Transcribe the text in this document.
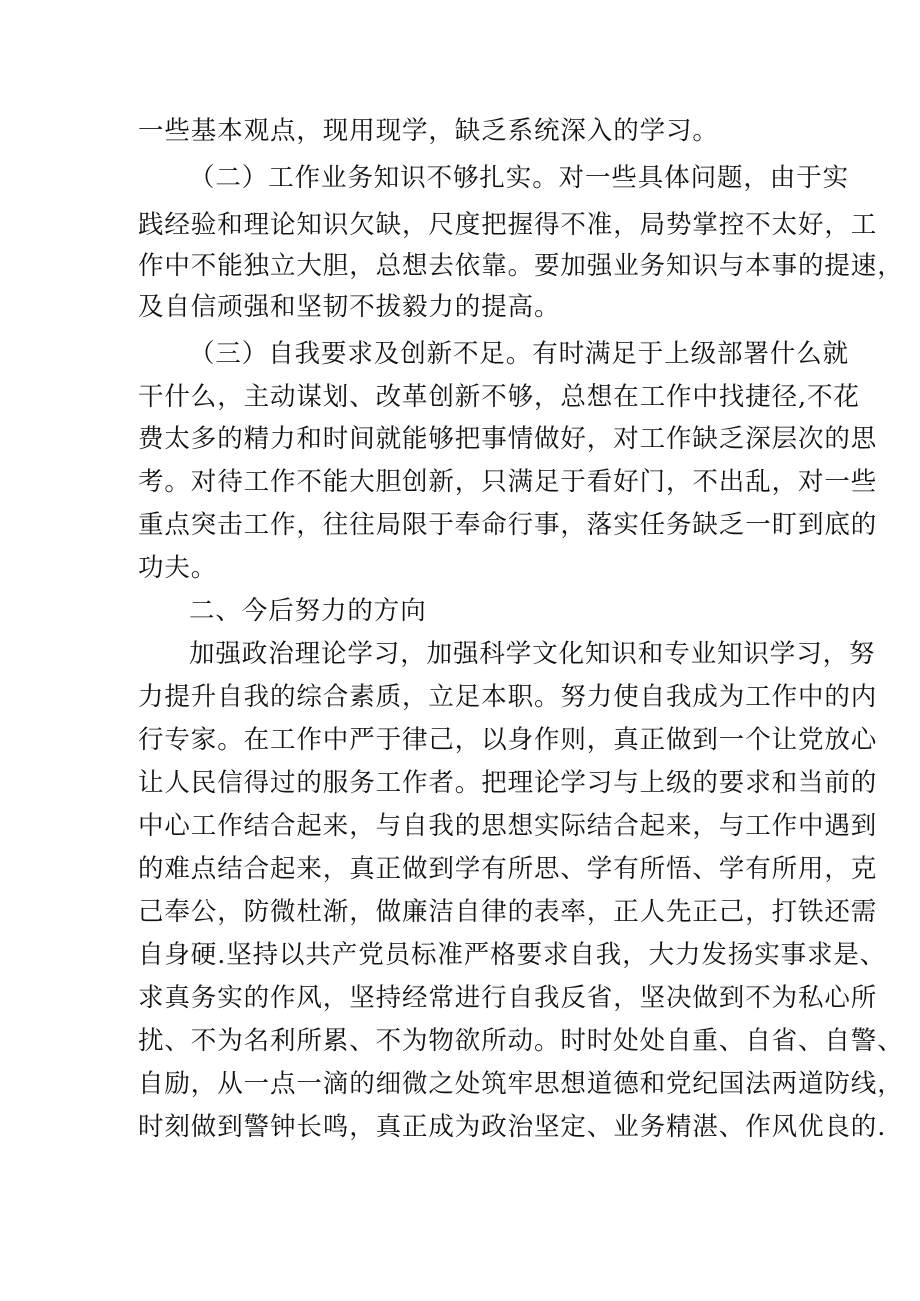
一些基本观点，现用现学，缺乏系统深入的学习。
（二）工作业务知识不够扎实。对一些具体问题，由于实
践经验和理论知识欠缺，尺度把握得不准，局势掌控不太好，工
作中不能独立大胆，总想去依靠。要加强业务知识与本事的提速，
及自信顽强和坚韧不拔毅力的提高。
（三）自我要求及创新不足。有时满足于上级部署什么就
干什么，主动谋划、改革创新不够，总想在工作中找捷径,不花
费太多的精力和时间就能够把事情做好，对工作缺乏深层次的思
考。对待工作不能大胆创新，只满足于看好门，不出乱，对一些
重点突击工作，往往局限于奉命行事，落实任务缺乏一盯到底的
功夫。
二、今后努力的方向
加强政治理论学习，加强科学文化知识和专业知识学习，努
力提升自我的综合素质，立足本职。努力使自我成为工作中的内
行专家。在工作中严于律己，以身作则，真正做到一个让党放心
让人民信得过的服务工作者。把理论学习与上级的要求和当前的
中心工作结合起来，与自我的思想实际结合起来，与工作中遇到
的难点结合起来，真正做到学有所思、学有所悟、学有所用，克
己奉公，防微杜渐，做廉洁自律的表率，正人先正己，打铁还需
自身硬.坚持以共产党员标准严格要求自我，大力发扬实事求是、
求真务实的作风，坚持经常进行自我反省，坚决做到不为私心所
扰、不为名利所累、不为物欲所动。时时处处自重、自省、自警、
自励，从一点一滴的细微之处筑牢思想道德和党纪国法两道防线，
时刻做到警钟长鸣，真正成为政治坚定、业务精湛、作风优良的.
